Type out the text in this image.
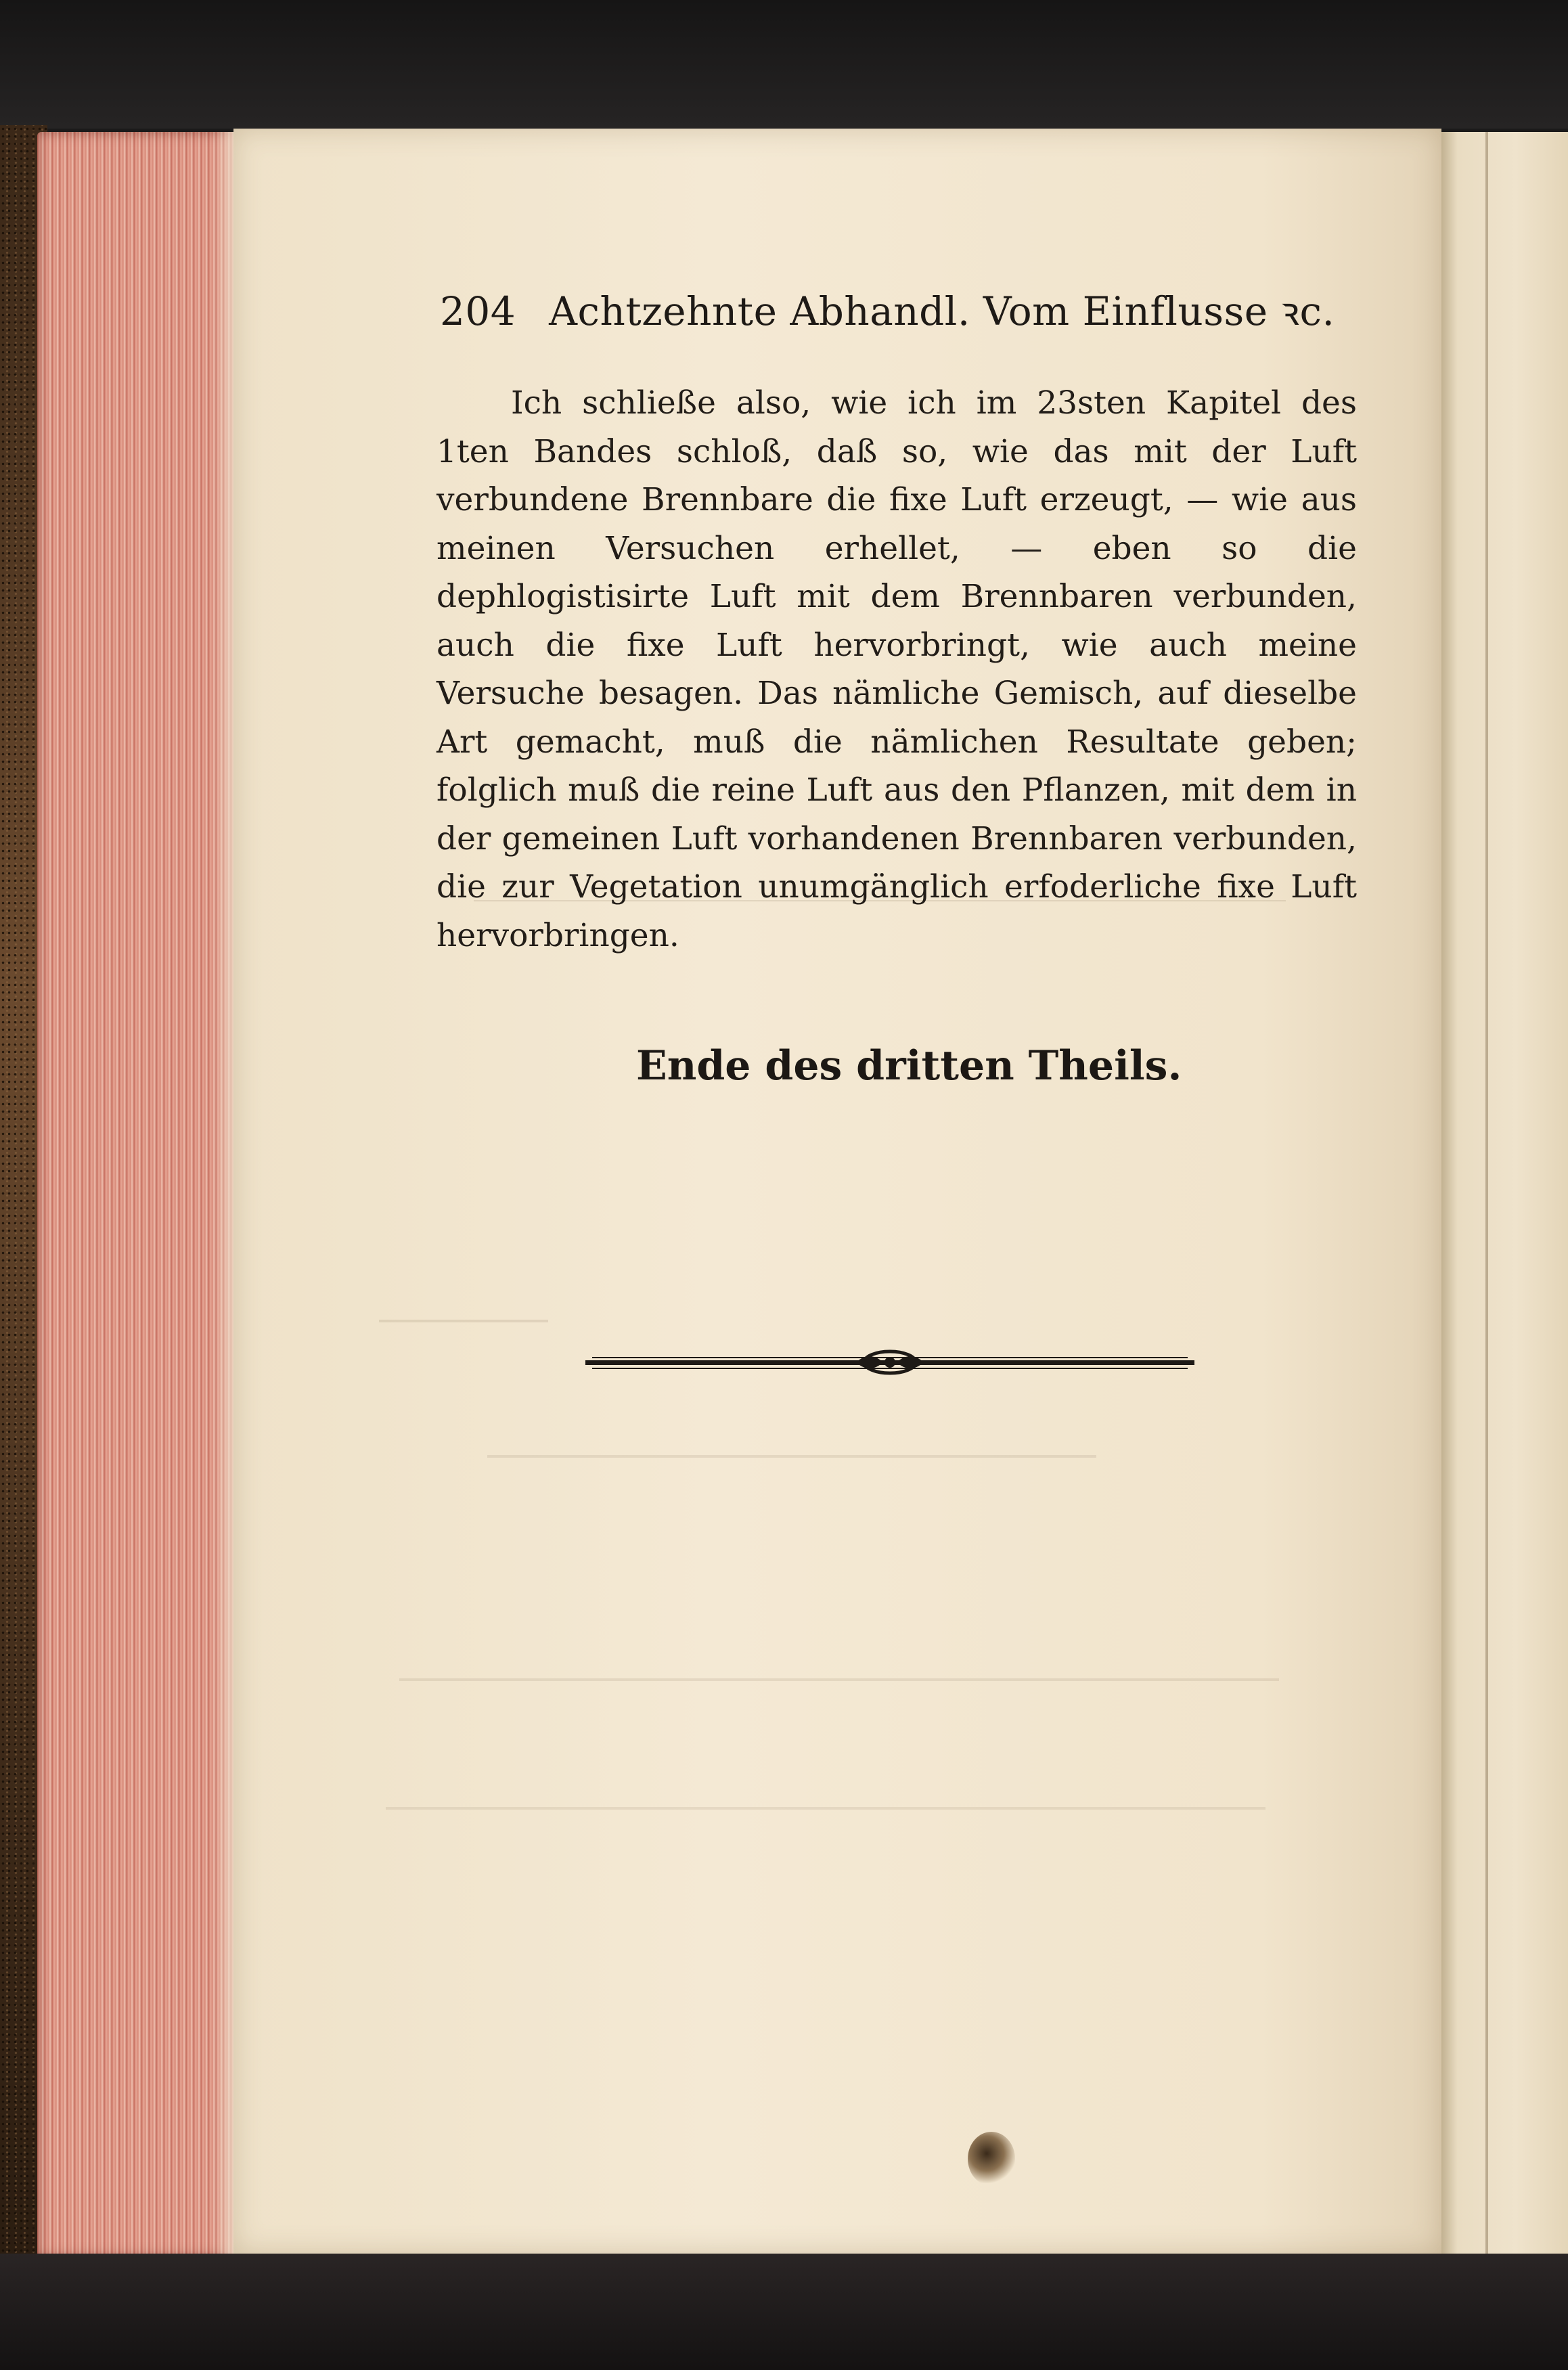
204 Achtzehnte Abhandl. Vom Einflusse ꝛc.
Ich schließe also, wie ich im 23sten Kapitel des 1ten Bandes schloß, daß so, wie das mit der Luft verbundene Brennbare die fixe Luft erzeugt, — wie aus meinen Versuchen erhellet, — eben so die dephlogistisirte Luft mit dem Brennbaren verbunden, auch die fixe Luft hervorbringt, wie auch meine Versuche besagen. Das nämliche Gemisch, auf dieselbe Art gemacht, muß die nämlichen Resultate geben; folglich muß die reine Luft aus den Pflanzen, mit dem in der gemeinen Luft vorhandenen Brennbaren verbunden, die zur Vegetation unumgänglich erfoderliche fixe Luft hervorbringen.
Ende des dritten Theils.
